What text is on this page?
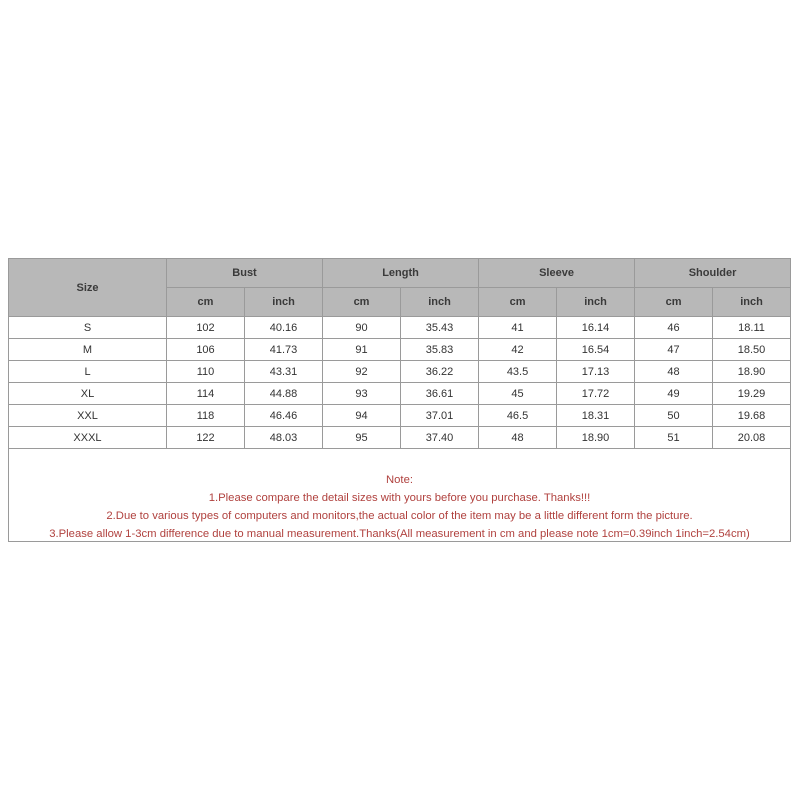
Size	Bust		Length		Sleeve		Shoulder	
	cm	inch	cm	inch	cm	inch	cm	inch
S	102	40.16	90	35.43	41	16.14	46	18.11
M	106	41.73	91	35.83	42	16.54	47	18.50
L	110	43.31	92	36.22	43.5	17.13	48	18.90
XL	114	44.88	93	36.61	45	17.72	49	19.29
XXL	118	46.46	94	37.01	46.5	18.31	50	19.68
XXXL	122	48.03	95	37.40	48	18.90	51	20.08
Note:
1.Please compare the detail sizes with yours before you purchase. Thanks!!!
2.Due to various types of computers and monitors,the actual color of the item may be a little different form the picture.
3.Please allow 1-3cm difference due to manual measurement.Thanks(All measurement in cm and please note 1cm=0.39inch 1inch=2.54cm)
